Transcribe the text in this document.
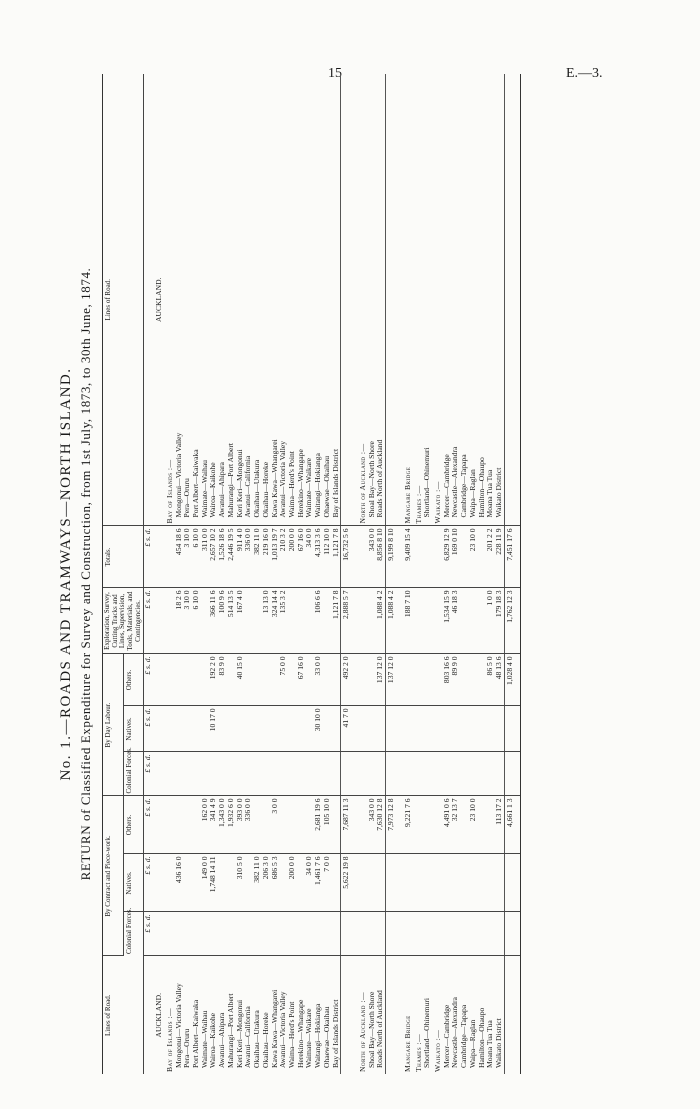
15	E.—3.
No. 1.—ROADS AND TRAMWAYS—NORTH ISLAND. RETURN of Classified Expenditure for Survey and Construction, from 1st July, 1873, to 30th June, 1874.
Lines of Road.	By Contract and Piece-work.			By Day Labour.			Exploration, Survey, Cutting Tracks and Lines, Supervision, Tools, Materials, and Contingencies.	Totals.	Lines of Road.
	Colonial Forces.	Natives.	Others.	Colonial Forces.	Natives.	Others.			
	£ s. d.	£ s. d.	£ s. d.	£ s. d.	£ s. d.	£ s. d.	£ s. d.	£ s. d.	
AUCKLAND.									AUCKLAND.
Bay of Islands :—									Bay of Islands :—
Mongonui—Victoria Valley		436 16 0					18 2 6	454 18 6	Mongonui—Victoria Valley
Pera—Oruru							3 10 0	3 10 0	Pera—Oruru
Port Albert—Kaiwaka							6 10 0	6 10 0	Port Albert—Kaiwaka
Waimate—Waihau		149 0 0	162 0 0					311 0 0	Waimate—Waihau
Wairoa—Kaikohe		1,748 14 11	341 4 9		10 17 0	192 2 0	366 11 6	2,657 10 2	Wairoa—Kaikohe
Awanui—Ahipara			1,343 0 0			83 9 0	100 9 6	1,526 18 6	Awanui—Ahipara
Mahurangi—Port Albert			1,932 6 0				514 13 5	2,446 19 5	Mahurangi—Port Albert
Keri Keri—Mongonui		310 5 0	393 0 0			40 15 0	167 4 0	911 4 0	Keri Keri—Mongonui
Awanui—California			336 0 0					336 0 0	Awanui—California
Okaihau—Utakura		382 11 0						382 11 0	Okaihau—Utakura
Okaihau—Horeke		206 3 0					13 13 0	219 16 0	Okaihau—Horeke
Kawa Kawa—Whangarei		686 5 3	3 0 0				324 14 4	1,013 19 7	Kawa Kawa—Whangarei
Awanui—Victoria Valley						75 0 0	135 3 2	210 3 2	Awanui—Victoria Valley
Waima—Herd's Point		200 0 0						200 0 0	Waima—Herd's Point
Herekino—Whangape						67 16 0		67 16 0	Herekino—Whangape
Waimate—Waikare		34 0 0						34 0 0	Waimate—Waikare
Waitangi—Hokianga		1,461 7 6	2,681 19 6		30 10 0	33 0 0	106 6 6	4,313 3 6	Waitangi—Hokianga
Ohaewae—Okaihau		7 0 0	105 10 0					112 10 0	Ohaewae—Okaihau
Bay of Islands District							1,121 7 8	1,121 7 8	Bay of Islands District
		5,622 19 8	7,687 11 3		41 7 0	492 2 0	2,888 5 7	16,732 5 6	

North of Auckland :—									North of Auckland :—
Shoal Bay—North Shore			343 0 0					343 0 0	Shoal Bay—North Shore
Roads North of Auckland			7,630 12 8			137 12 0	1,088 4 2	8,856 8 10	Roads North of Auckland
			7,973 12 8			137 12 0	1,088 4 2	9,199 8 10	

Mangare Bridge			9,221 7 6				188 7 10	9,409 15 4	Mangare Bridge
Thames :—									Thames :—
Shortland—Ohinemuri									Shortland—Ohinemuri
Waikato :—									Waikato :—
Mercer—Cambridge			4,491 0 6			803 16 6	1,534 15 9	6,829 12 9	Mercer—Cambridge
Newcastle—Alexandra			32 13 7			89 9 0	46 18 3	169 0 10	Newcastle—Alexandra
Cambridge—Tapapa									Cambridge—Tapapa
Waipa—Raglan			23 10 0					23 10 0	Waipa—Raglan
Hamilton—Ohaupo									Hamilton—Ohaupo
Moana Tua Tua						86 5 0	1 0 0	201 2 2	Moana Tua Tua
Waikato District			113 17 2			48 13 6	179 18 3	228 11 9	Waikato District
			4,661 1 3			1,028 4 0	1,762 12 3	7,451 17 6	
